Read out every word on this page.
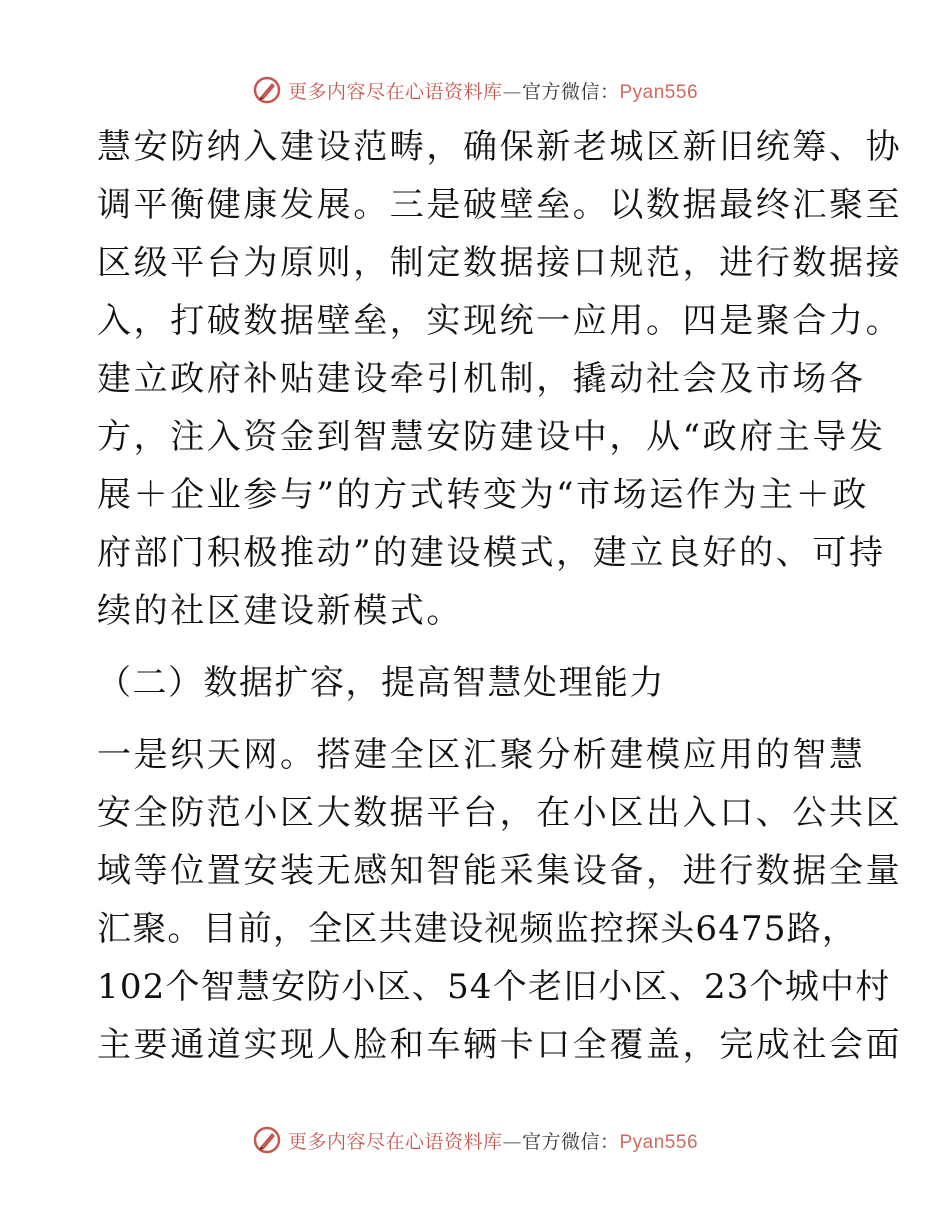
更多内容尽在心语资料库—官方微信：Pyan556
慧安防纳入建设范畴，确保新老城区新旧统筹、协
调平衡健康发展。三是破壁垒。以数据最终汇聚至
区级平台为原则，制定数据接口规范，进行数据接
入，打破数据壁垒，实现统一应用。四是聚合力。
建立政府补贴建设牵引机制，撬动社会及市场各
方，注入资金到智慧安防建设中，从“政府主导发
展＋企业参与”的方式转变为“市场运作为主＋政
府部门积极推动”的建设模式，建立良好的、可持
续的社区建设新模式。
（二）数据扩容，提高智慧处理能力
一是织天网。搭建全区汇聚分析建模应用的智慧
安全防范小区大数据平台，在小区出入口、公共区
域等位置安装无感知智能采集设备，进行数据全量
汇聚。目前，全区共建设视频监控探头6475路，
102个智慧安防小区、54个老旧小区、23个城中村
主要通道实现人脸和车辆卡口全覆盖，完成社会面
更多内容尽在心语资料库—官方微信：Pyan556
